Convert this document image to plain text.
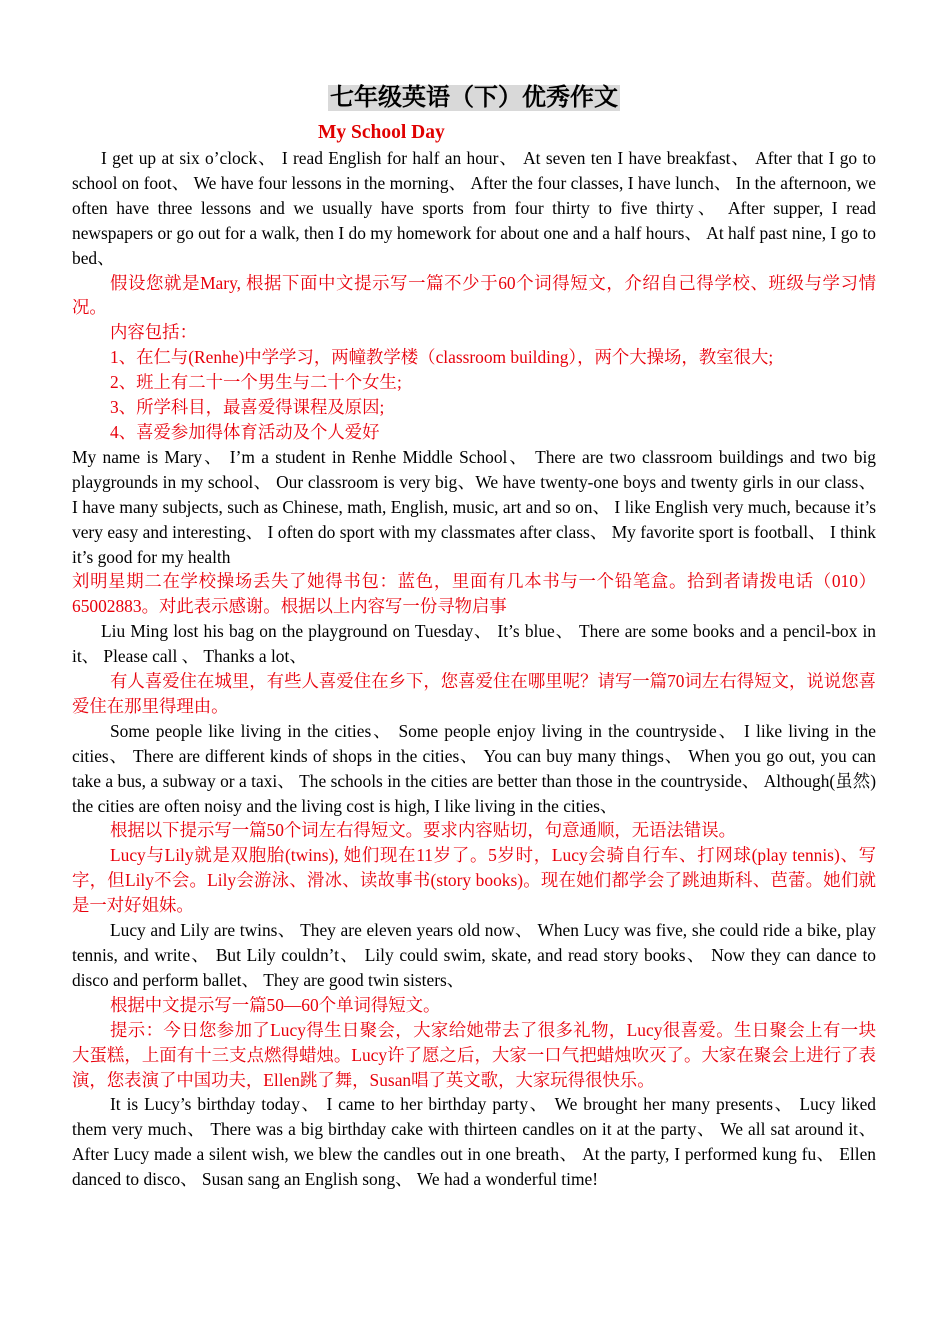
七年级英语（下）优秀作文
My School Day

I get up at six o’clock、 I read English for half an hour、 At seven ten I have breakfast、 After that I go to school on foot、 We have four lessons in the morning、 After the four classes, I have lunch、 In the afternoon, we often have three lessons and we usually have sports from four thirty to five thirty、 After supper, I read newspapers or go out for a walk, then I do my homework for about one and a half hours、 At half past nine, I go to bed、

假设您就是Mary, 根据下面中文提示写一篇不少于60个词得短文，介绍自己得学校、班级与学习情况。

内容包括：

1、在仁与(Renhe)中学学习，两幢教学楼（classroom building），两个大操场，教室很大;

2、班上有二十一个男生与二十个女生;

3、所学科目，最喜爱得课程及原因;

4、喜爱参加得体育活动及个人爱好

My name is Mary、 I’m a student in Renhe Middle School、 There are two classroom buildings and two big playgrounds in my school、 Our classroom is very big、We have twenty-one boys and twenty girls in our class、 I have many subjects, such as Chinese, math, English, music, art and so on、 I like English very much, because it’s very easy and interesting、 I often do sport with my classmates after class、 My favorite sport is football、 I think it’s good for my health

刘明星期二在学校操场丢失了她得书包：蓝色，里面有几本书与一个铅笔盒。拾到者请拨电话（010）65002883。对此表示感谢。根据以上内容写一份寻物启事

Liu Ming lost his bag on the playground on Tuesday、 It’s blue、 There are some books and a pencil-box in it、 Please call 、 Thanks a lot、

有人喜爱住在城里，有些人喜爱住在乡下，您喜爱住在哪里呢？请写一篇70词左右得短文，说说您喜爱住在那里得理由。

Some people like living in the cities、 Some people enjoy living in the countryside、 I like living in the cities、 There are different kinds of shops in the cities、 You can buy many things、 When you go out, you can take a bus, a subway or a taxi、 The schools in the cities are better than those in the countryside、 Although(虽然) the cities are often noisy and the living cost is high, I like living in the cities、

根据以下提示写一篇50个词左右得短文。要求内容贴切，句意通顺，无语法错误。

Lucy与Lily就是双胞胎(twins), 她们现在11岁了。5岁时，Lucy会骑自行车、打网球(play tennis)、写字，但Lily不会。Lily会游泳、滑冰、读故事书(story books)。现在她们都学会了跳迪斯科、芭蕾。她们就是一对好姐妹。

Lucy and Lily are twins、 They are eleven years old now、 When Lucy was five, she could ride a bike, play tennis, and write、 But Lily couldn’t、 Lily could swim, skate, and read story books、 Now they can dance to disco and perform ballet、 They are good twin sisters、

根据中文提示写一篇50—60个单词得短文。

提示：今日您参加了Lucy得生日聚会，大家给她带去了很多礼物，Lucy很喜爱。生日聚会上有一块大蛋糕，上面有十三支点燃得蜡烛。Lucy许了愿之后，大家一口气把蜡烛吹灭了。大家在聚会上进行了表演，您表演了中国功夫，Ellen跳了舞，Susan唱了英文歌，大家玩得很快乐。

It is Lucy’s birthday today、 I came to her birthday party、 We brought her many presents、 Lucy liked them very much、 There was a big birthday cake with thirteen candles on it at the party、 We all sat around it、 After Lucy made a silent wish, we blew the candles out in one breath、 At the party, I performed kung fu、 Ellen danced to disco、 Susan sang an English song、 We had a wonderful time!
